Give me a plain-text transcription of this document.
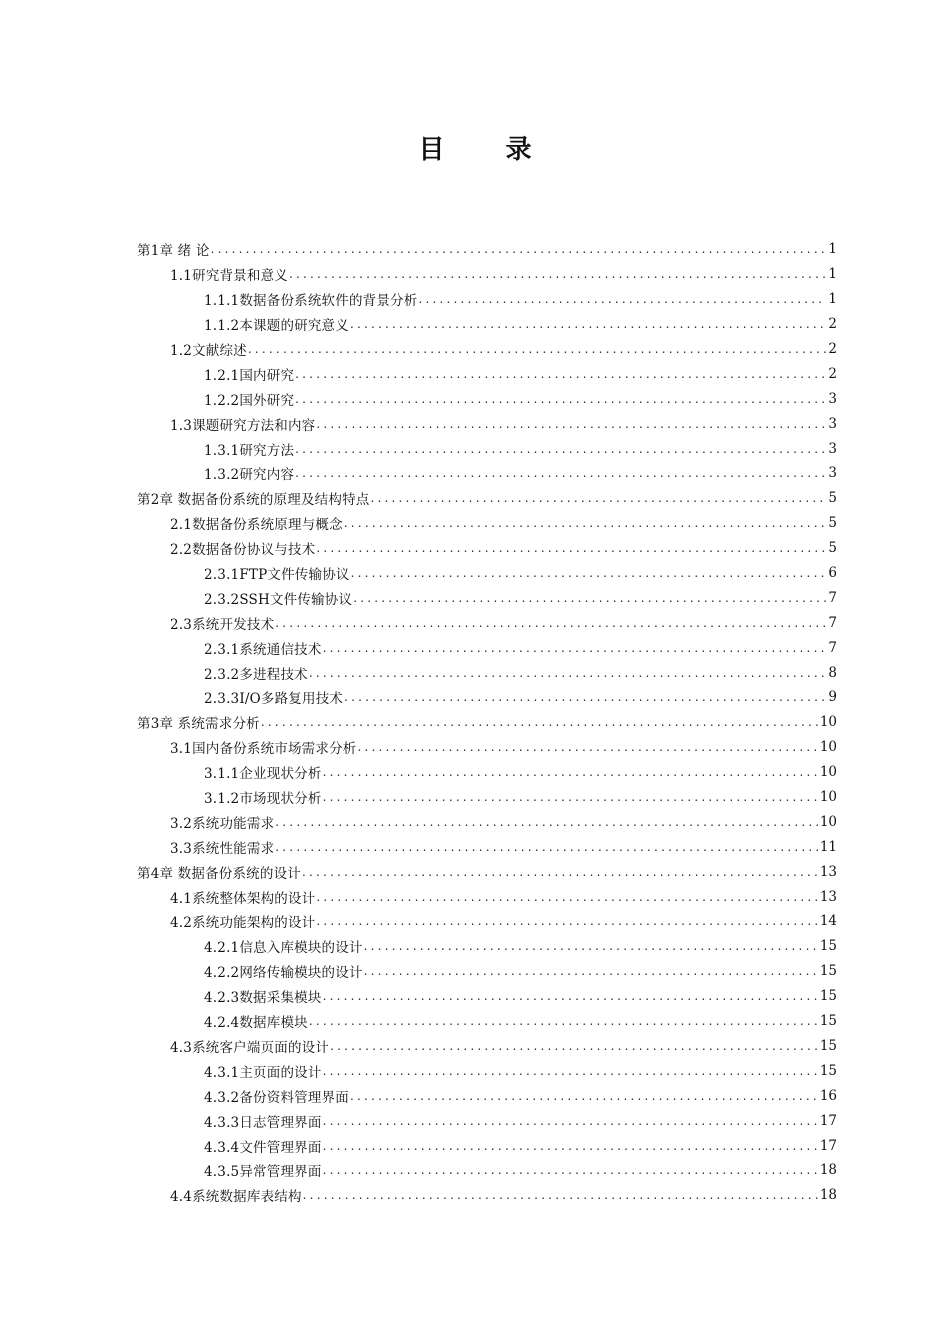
目 录
第1章 绪 论 .....	1
1.1研究背景和意义 .....	1
1.1.1数据备份系统软件的背景分析 .....	1
1.1.2本课题的研究意义 .....	2
1.2文献综述 .....	2
1.2.1国内研究 .....	2
1.2.2国外研究 .....	3
1.3课题研究方法和内容 .....	3
1.3.1研究方法 .....	3
1.3.2研究内容 .....	3
第2章 数据备份系统的原理及结构特点 .....	5
2.1数据备份系统原理与概念 .....	5
2.2数据备份协议与技术 .....	5
2.3.1FTP文件传输协议 .....	6
2.3.2SSH文件传输协议 .....	7
2.3系统开发技术 .....	7
2.3.1系统通信技术 .....	7
2.3.2多进程技术 .....	8
2.3.3I/O多路复用技术 .....	9
第3章 系统需求分析 .....	10
3.1国内备份系统市场需求分析 .....	10
3.1.1企业现状分析 .....	10
3.1.2市场现状分析 .....	10
3.2系统功能需求 .....	10
3.3系统性能需求 .....	11
第4章 数据备份系统的设计 .....	13
4.1系统整体架构的设计 .....	13
4.2系统功能架构的设计 .....	14
4.2.1信息入库模块的设计 .....	15
4.2.2网络传输模块的设计 .....	15
4.2.3数据采集模块 .....	15
4.2.4数据库模块 .....	15
4.3系统客户端页面的设计 .....	15
4.3.1主页面的设计 .....	15
4.3.2备份资料管理界面 .....	16
4.3.3日志管理界面 .....	17
4.3.4文件管理界面 .....	17
4.3.5异常管理界面 .....	18
4.4系统数据库表结构 .....	18
